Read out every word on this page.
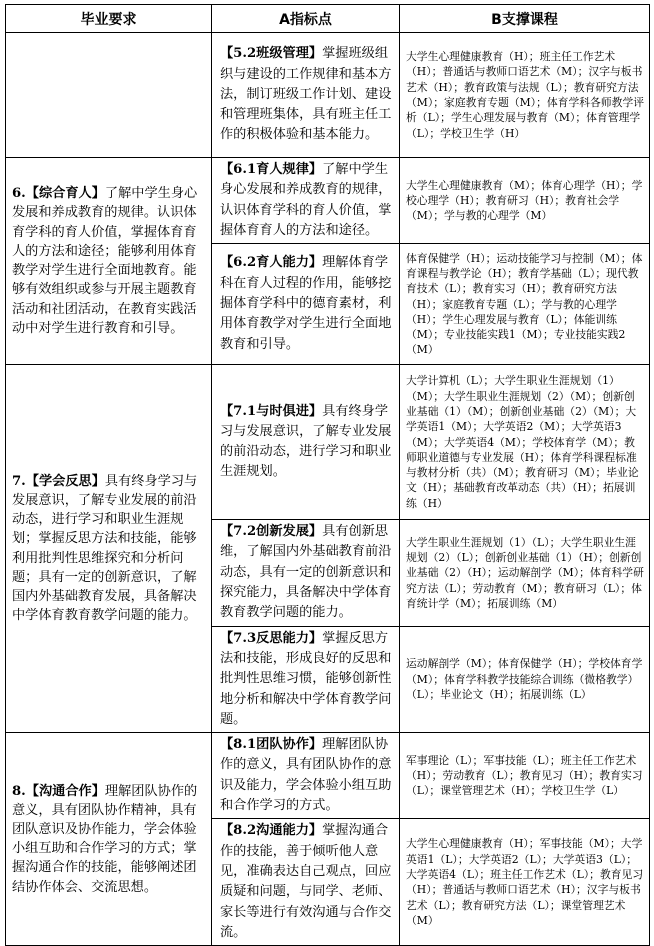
毕业要求	A指标点	B支撑课程
	【5.2班级管理】掌握班级组织与建设的工作规律和基本方法，制订班级工作计划、建设和管理班集体，具有班主任工作的积极体验和基本能力。	大学生心理健康教育（H）；班主任工作艺术（H）；普通话与教师口语艺术（M）；汉字与板书艺术（H）；教育政策与法规（L）；教育研究方法（M）；家庭教育专题（M）；体育学科各师教学评析（L）；学生心理发展与教育（M）；体育管理学（L）；学校卫生学（H）
6.【综合育人】了解中学生身心发展和养成教育的规律。认识体育学科的育人价值，掌握体育育人的方法和途径；能够利用体育教学对学生进行全面地教育。能够有效组织或参与开展主题教育活动和社团活动，在教育实践活动中对学生进行教育和引导。	【6.1育人规律】了解中学生身心发展和养成教育的规律，认识体育学科的育人价值，掌握体育育人的方法和途径。	大学生心理健康教育（M）；体育心理学（H）；学校心理学（H）；教育研习（H）；教育社会学（M）；学与教的心理学（M）
	【6.2育人能力】理解体育学科在育人过程的作用，能够挖掘体育学科中的德育素材，利用体育教学对学生进行全面地教育和引导。	体育保健学（H）；运动技能学习与控制（M）；体育课程与教学论（H）；教育学基础（L）；现代教育技术（L）；教育实习（H）；教育研究方法（H）；家庭教育专题（L）；学与教的心理学（H）；学生心理发展与教育（L）；体能训练（M）；专业技能实践1（M）；专业技能实践2（M）
7.【学会反思】具有终身学习与发展意识，了解专业发展的前沿动态，进行学习和职业生涯规划；掌握反思方法和技能，能够利用批判性思维探究和分析问题；具有一定的创新意识，了解国内外基础教育发展，具备解决中学体育教育教学问题的能力。	【7.1与时俱进】具有终身学习与发展意识，了解专业发展的前沿动态，进行学习和职业生涯规划。	大学计算机（L）；大学生职业生涯规划（1）（M）；大学生职业生涯规划（2）（M）；创新创业基础（1）（M）；创新创业基础（2）（M）；大学英语1（M）；大学英语2（M）；大学英语3（M）；大学英语4（M）；学校体育学（M）；教师职业道德与专业发展（H）；体育学科课程标准与教材分析（共）（M）；教育研习（M）；毕业论文（H）；基础教育改革动态（共）（H）；拓展训练（H）
	【7.2创新发展】具有创新思维，了解国内外基础教育前沿动态，具有一定的创新意识和探究能力，具备解决中学体育教育教学问题的能力。	大学生职业生涯规划（1）（L）；大学生职业生涯规划（2）（L）；创新创业基础（1）（H）；创新创业基础（2）（H）；运动解剖学（M）；体育科学研究方法（L）；劳动教育（M）；教育研习（L）；体育统计学（M）；拓展训练（M）
	【7.3反思能力】掌握反思方法和技能，形成良好的反思和批判性思维习惯，能够创新性地分析和解决中学体育教学问题。	运动解剖学（M）；体育保健学（H）；学校体育学（M）；体育学科教学技能综合训练（微格教学）（L）；毕业论文（H）；拓展训练（L）
8.【沟通合作】理解团队协作的意义，具有团队协作精神，具有团队意识及协作能力，学会体验小组互助和合作学习的方式；掌握沟通合作的技能，能够阐述团结协作体会、交流思想。	【8.1团队协作】理解团队协作的意义，具有团队协作的意识及能力，学会体验小组互助和合作学习的方式。	军事理论（L）；军事技能（L）；班主任工作艺术（H）；劳动教育（L）；教育见习（H）；教育实习（L）；课堂管理艺术（H）；学校卫生学（L）
	【8.2沟通能力】掌握沟通合作的技能，善于倾听他人意见，准确表达自己观点，回应质疑和问题，与同学、老师、家长等进行有效沟通与合作交流。	大学生心理健康教育（H）；军事技能（M）；大学英语1（L）；大学英语2（L）；大学英语3（L）；大学英语4（L）；班主任工作艺术（L）；教育见习（H）；普通话与教师口语艺术（H）；汉字与板书艺术（L）；教育研究方法（L）；课堂管理艺术（M）
